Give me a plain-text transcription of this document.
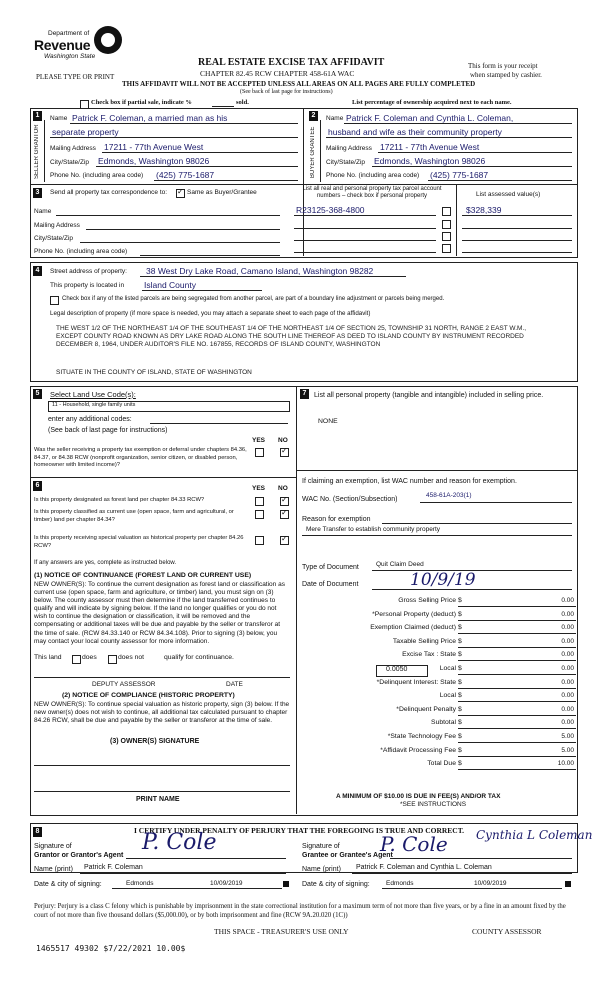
Department of
Revenue
Washington State
REAL ESTATE EXCISE TAX AFFIDAVIT
CHAPTER 82.45 RCW CHAPTER 458-61A WAC
This form is your receipt
when stamped by cashier.
PLEASE TYPE OR PRINT
THIS AFFIDAVIT WILL NOT BE ACCEPTED UNLESS ALL AREAS ON ALL PAGES ARE FULLY COMPLETED
(See back of last page for instructions)
Check box if partial sale, indicate %	sold.	List percentage of ownership acquired next to each name.
1
SELLER GRANTOR
Name Patrick F. Coleman, a married man as his
separate property
Mailing Address 17211 - 77th Avenue West
City/State/Zip Edmonds, Washington 98026
Phone No. (including area code) (425) 775-1687
2
BUYER GRANTEE
Name Patrick F. Coleman and Cynthia L. Coleman,
husband and wife as their community property
Mailing Address 17211 - 77th Avenue West
City/State/Zip Edmonds, Washington 98026
Phone No. (including area code) (425) 775-1687
3	Send all property tax correspondence to:
✓	Same as Buyer/Grantee
Name
Mailing Address
City/State/Zip
Phone No. (including area code)
List all real and personal property tax parcel account numbers – check box if personal property	List assessed value(s)
R23125-368-4800	$328,339
4	Street address of property: 38 West Dry Lake Road, Camano Island, Washington 98282
This property is located in Island County
Check box if any of the listed parcels are being segregated from another parcel, are part of a boundary line adjustment or parcels being merged.
Legal description of property (if more space is needed, you may attach a separate sheet to each page of the affidavit)
THE WEST 1/2 OF THE NORTHEAST 1/4 OF THE SOUTHEAST 1/4 OF THE NORTHEAST 1/4 OF SECTION 25, TOWNSHIP 31 NORTH, RANGE 2 EAST W.M., EXCEPT COUNTY ROAD KNOWN AS DRY LAKE ROAD ALONG THE SOUTH LINE THEREOF AS DEED TO ISLAND COUNTY BY INSTRUMENT RECORDED DECEMBER 8, 1964, UNDER AUDITOR'S FILE NO. 167855, RECORDS OF ISLAND COUNTY, WASHINGTON
SITUATE IN THE COUNTY OF ISLAND, STATE OF WASHINGTON
5	Select Land Use Code(s):
11 - Household, single family units
enter any additional codes:
(See back of last page for instructions)
YES NO
Was the seller receiving a property tax exemption or deferral under chapters 84.36, 84.37, or 84.38 RCW (nonprofit organization, senior citizen, or disabled person, homeowner with limited income)?
✓
6	YES NO
Is this property designated as forest land per chapter 84.33 RCW?
✓
Is this property classified as current use (open space, farm and agricultural, or timber) land per chapter 84.34?
✓
Is this property receiving special valuation as historical property per chapter 84.26 RCW?
✓
If any answers are yes, complete as instructed below.
(1) NOTICE OF CONTINUANCE (FOREST LAND OR CURRENT USE)
NEW OWNER(S): To continue the current designation as forest land or classification as current use (open space, farm and agriculture, or timber) land, you must sign on (3) below. The county assessor must then determine if the land transferred continues to qualify and will indicate by signing below. If the land no longer qualifies or you do not wish to continue the designation or classification, it will be removed and the compensating or additional taxes will be due and payable by the seller or transferor at the time of sale. (RCW 84.33.140 or RCW 84.34.108). Prior to signing (3) below, you may contact your local county assessor for more information.
This land	does	does not	qualify for continuance.
DEPUTY ASSESSOR	DATE
(2) NOTICE OF COMPLIANCE (HISTORIC PROPERTY)
NEW OWNER(S): To continue special valuation as historic property, sign (3) below. If the new owner(s) does not wish to continue, all additional tax calculated pursuant to chapter 84.26 RCW, shall be due and payable by the seller or transferor at the time of sale.
(3) OWNER(S) SIGNATURE
PRINT NAME
7	List all personal property (tangible and intangible) included in selling price.
NONE
If claiming an exemption, list WAC number and reason for exemption.
WAC No. (Section/Subsection)
458-61A-203(1)
Reason for exemption
Mere Transfer to establish community property
Type of Document	Quit Claim Deed
Date of Document	10/9/19
Gross Selling Price $	0.00
*Personal Property (deduct) $	0.00
Exemption Claimed (deduct) $	0.00
Taxable Selling Price $	0.00
Excise Tax : State $	0.00
Local $	0.00
*Delinquent Interest: State $	0.00
Local $	0.00
*Delinquent Penalty $	0.00
Subtotal $	0.00
*State Technology Fee $	5.00
*Affidavit Processing Fee $	5.00
Total Due $	10.00
0.0050
A MINIMUM OF $10.00 IS DUE IN FEE(S) AND/OR TAX
*SEE INSTRUCTIONS
8	I CERTIFY UNDER PENALTY OF PERJURY THAT THE FOREGOING IS TRUE AND CORRECT.
Signature of
Grantor or Grantor's Agent
P. Cole
Name (print) Patrick F. Coleman
Date & city of signing:	Edmonds	10/09/2019
Signature of
Grantee or Grantee's Agent
P. Cole Cynthia L Coleman
Name (print) Patrick F. Coleman and Cynthia L. Coleman
Date & city of signing:	Edmonds	10/09/2019
Perjury: Perjury is a class C felony which is punishable by imprisonment in the state correctional institution for a maximum term of not more than five years, or by a fine in an amount fixed by the court of not more than five thousand dollars ($5,000.00), or by both imprisonment and fine (RCW 9A.20.020 (1C))
THIS SPACE - TREASURER'S USE ONLY	COUNTY ASSESSOR
1465517 49302 $7/22/2021 10.00$
